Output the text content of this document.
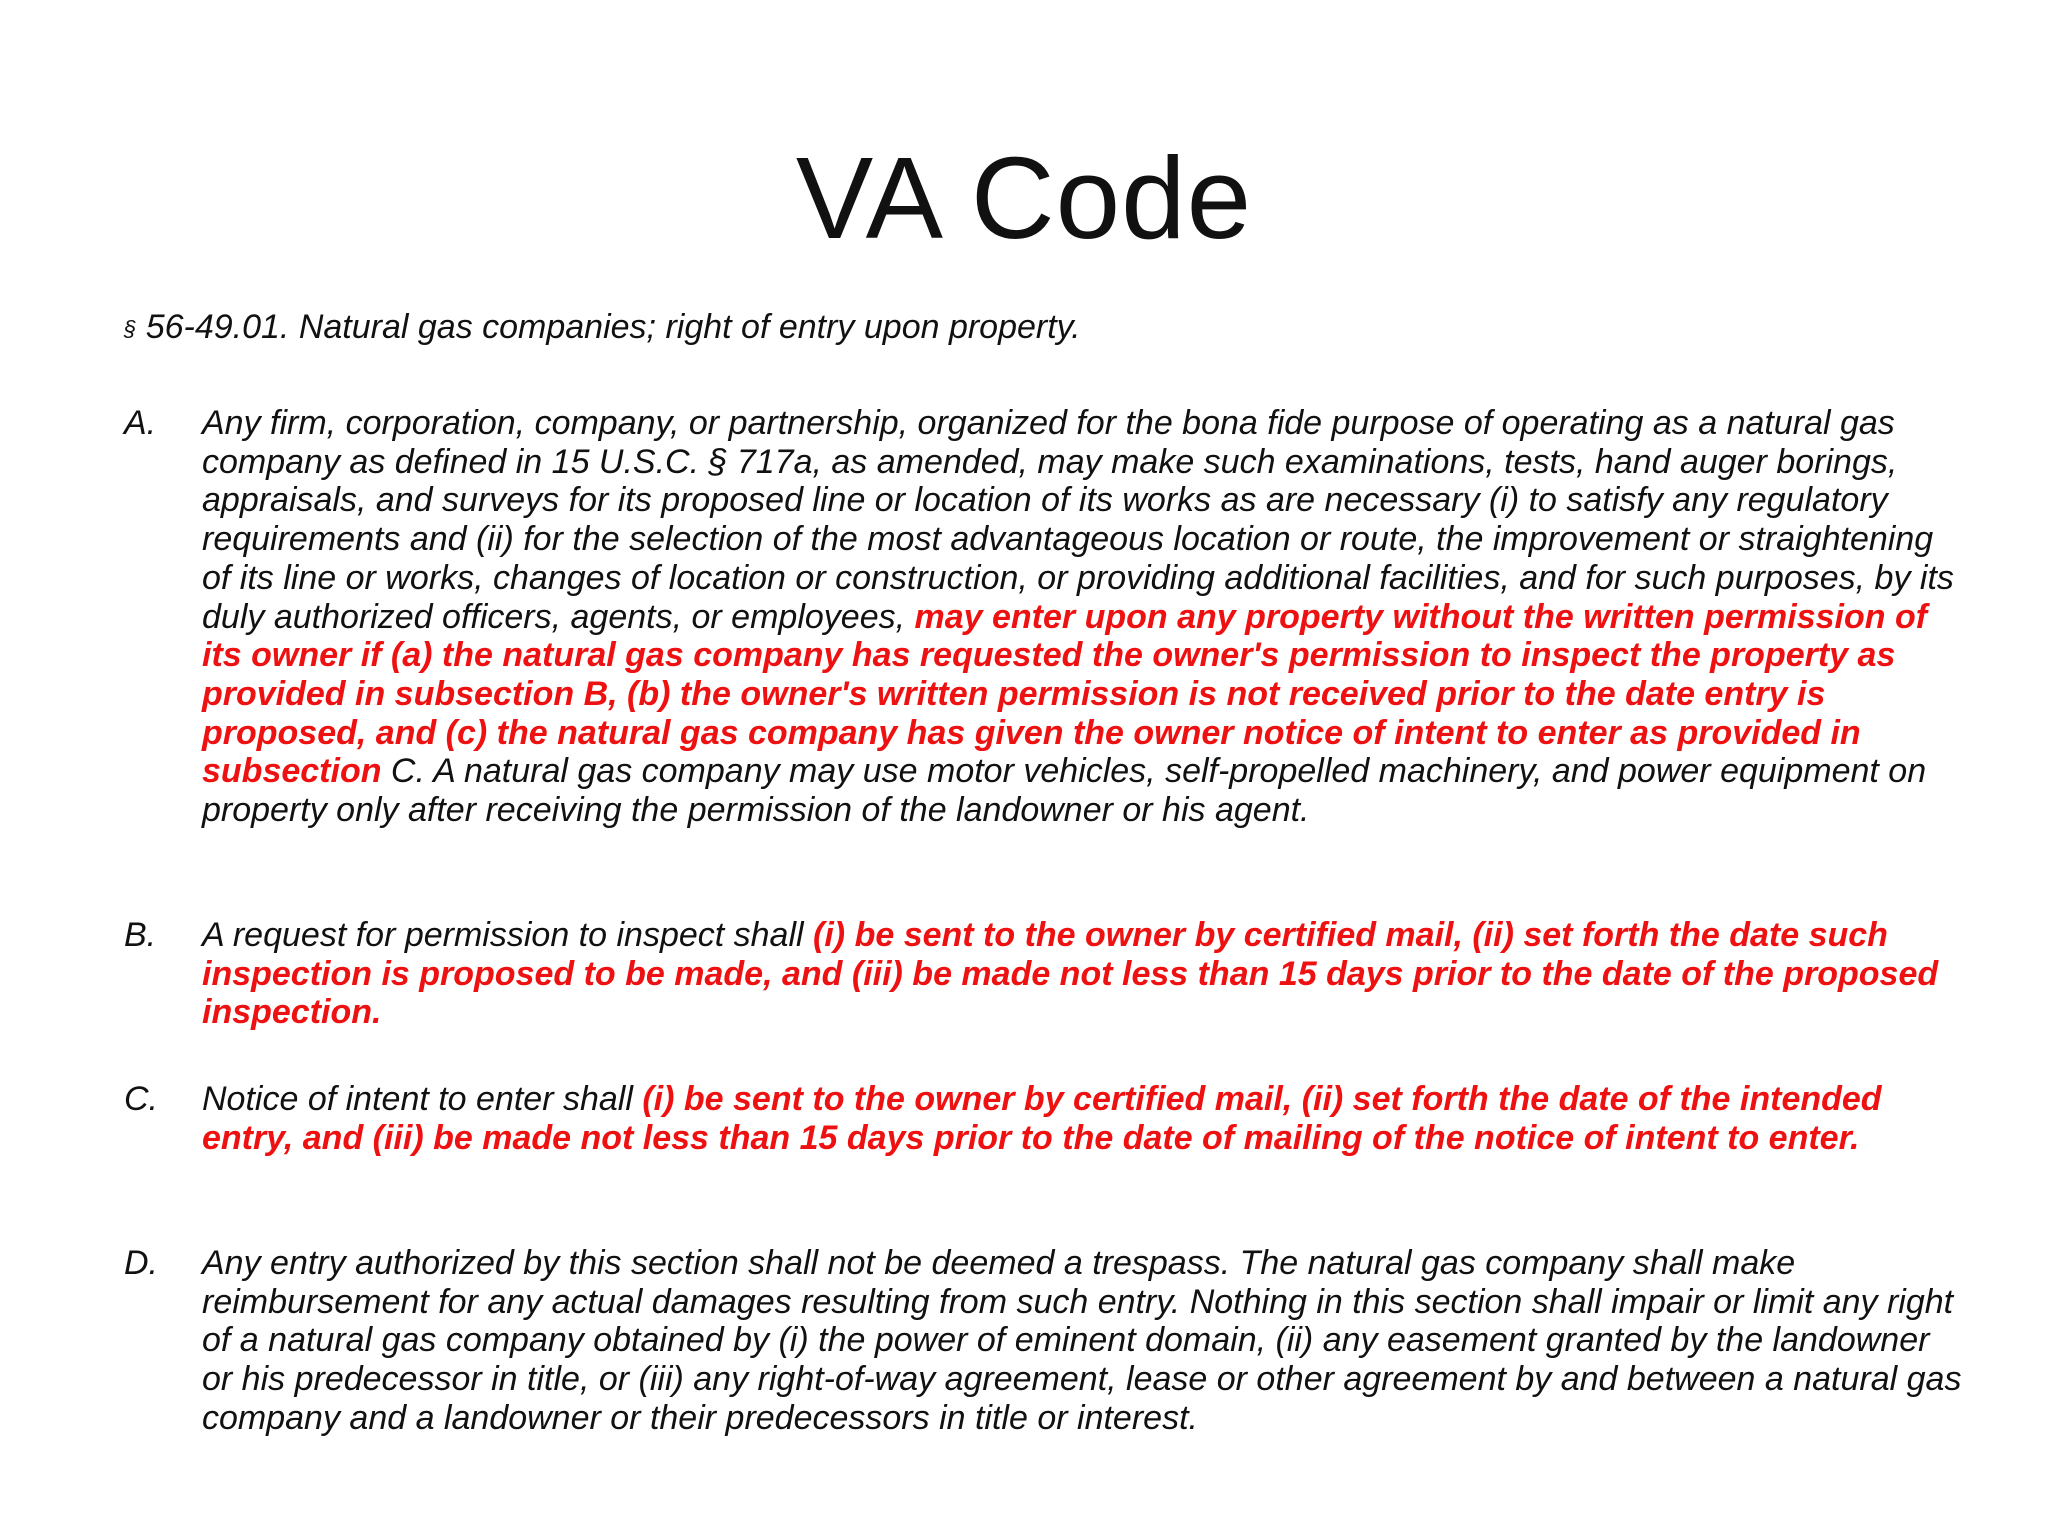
VA Code
§ 56-49.01. Natural gas companies; right of entry upon property.
A.	Any firm, corporation, company, or partnership, organized for the bona fide purpose of operating as a natural gas company as defined in 15 U.S.C. § 717a, as amended, may make such examinations, tests, hand auger borings, appraisals, and surveys for its proposed line or location of its works as are necessary (i) to satisfy any regulatory requirements and (ii) for the selection of the most advantageous location or route, the improvement or straightening of its line or works, changes of location or construction, or providing additional facilities, and for such purposes, by its duly authorized officers, agents, or employees, may enter upon any property without the written permission of its owner if (a) the natural gas company has requested the owner's permission to inspect the property as provided in subsection B, (b) the owner's written permission is not received prior to the date entry is proposed, and (c) the natural gas company has given the owner notice of intent to enter as provided in subsection C. A natural gas company may use motor vehicles, self-propelled machinery, and power equipment on property only after receiving the permission of the landowner or his agent.
B.	A request for permission to inspect shall (i) be sent to the owner by certified mail, (ii) set forth the date such inspection is proposed to be made, and (iii) be made not less than 15 days prior to the date of the proposed inspection.
C.	Notice of intent to enter shall (i) be sent to the owner by certified mail, (ii) set forth the date of the intended entry, and (iii) be made not less than 15 days prior to the date of mailing of the notice of intent to enter.
D.	Any entry authorized by this section shall not be deemed a trespass. The natural gas company shall make reimbursement for any actual damages resulting from such entry. Nothing in this section shall impair or limit any right of a natural gas company obtained by (i) the power of eminent domain, (ii) any easement granted by the landowner or his predecessor in title, or (iii) any right-of-way agreement, lease or other agreement by and between a natural gas company and a landowner or their predecessors in title or interest.
